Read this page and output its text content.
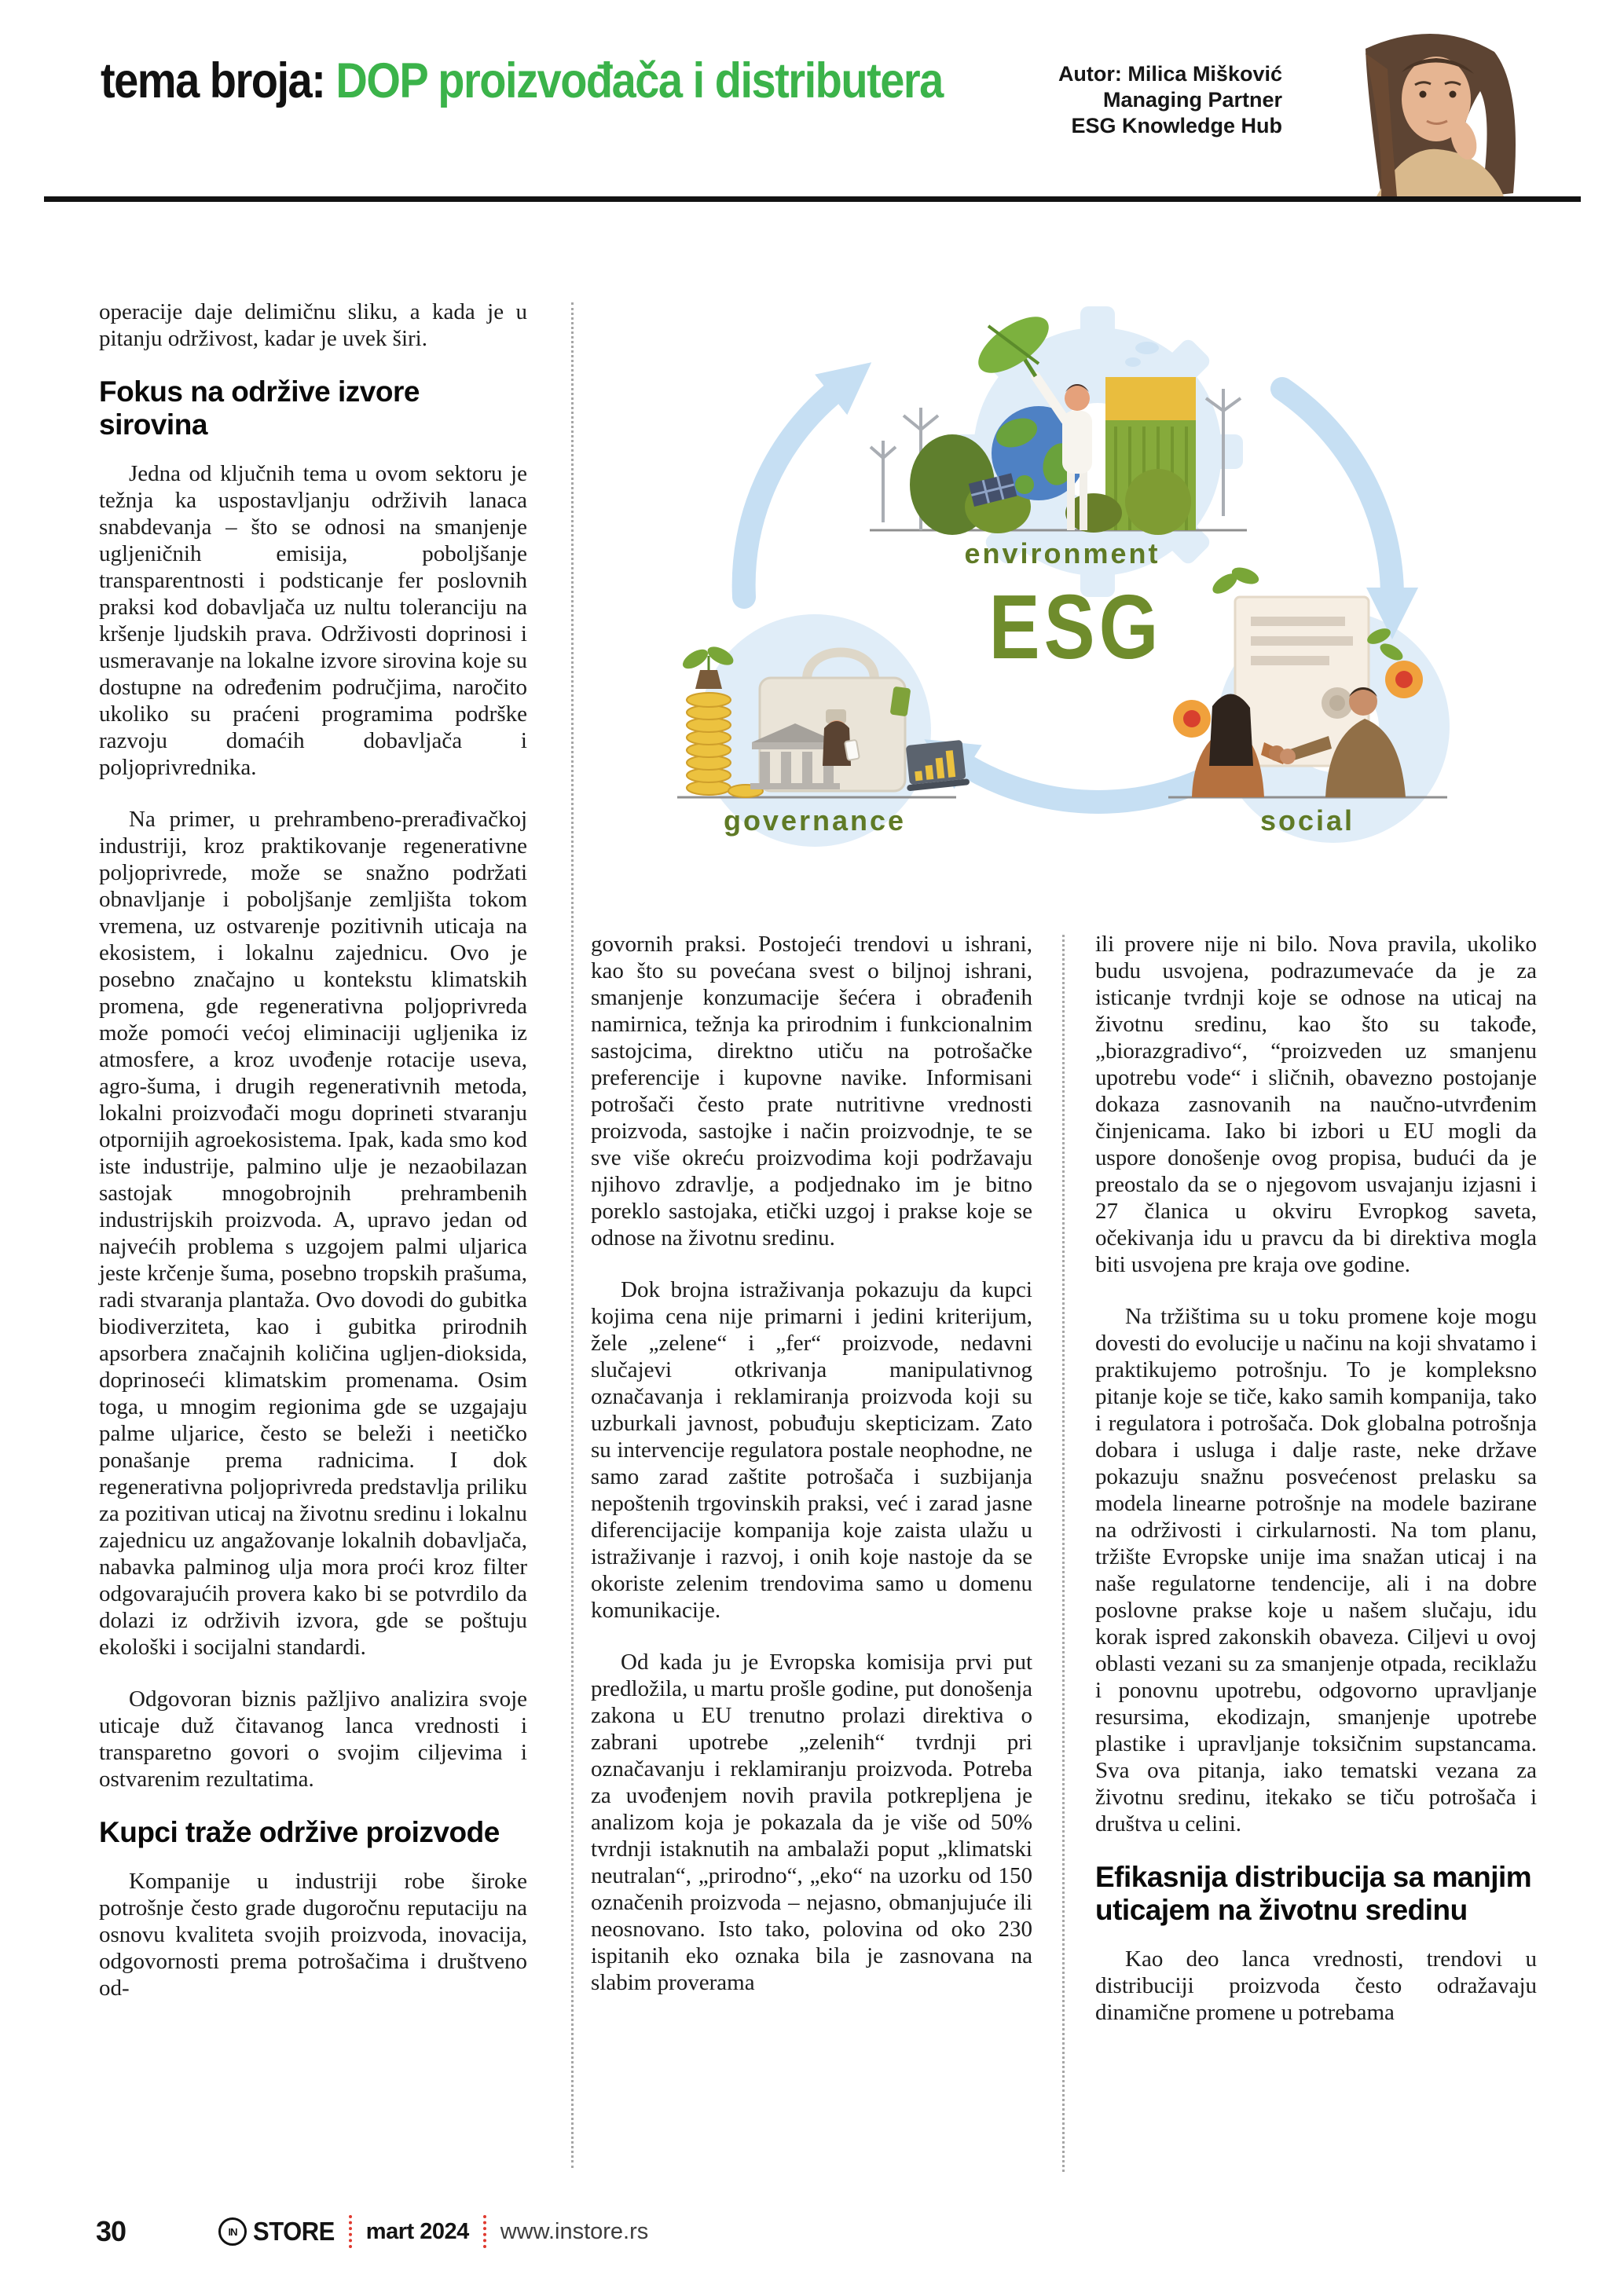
tema broja: DOP proizvođača i distributera	Autor: Milica Mišković
Managing Partner
ESG Knowledge Hub
ESG
environment
governance	social

operacije daje delimičnu sliku, a kada je u pitanju održivost, kadar je uvek širi.

Fokus na održive izvore sirovina

Jedna od ključnih tema u ovom sektoru je težnja ka uspostavljanju održivih lanaca snabdevanja – što se odnosi na smanjenje ugljeničnih emisija, poboljšanje transparentnosti i podsticanje fer poslovnih praksi kod dobavljača uz nultu toleranciju na kršenje ljudskih prava. Održivosti doprinosi i usmeravanje na lokalne izvore sirovina koje su dostupne na određenim područjima, naročito ukoliko su praćeni programima podrške razvoju domaćih dobavljača i poljoprivrednika.

Na primer, u prehrambeno-prerađivačkoj industriji, kroz praktikovanje regenerativne poljoprivrede, može se snažno podržati obnavljanje i poboljšanje zemljišta tokom vremena, uz ostvarenje pozitivnih uticaja na ekosistem, i lokalnu zajednicu. Ovo je posebno značajno u kontekstu klimatskih promena, gde regenerativna poljoprivreda može pomoći većoj eliminaciji ugljenika iz atmosfere, a kroz uvođenje rotacije useva, agro-šuma, i drugih regenerativnih metoda, lokalni proizvođači mogu doprineti stvaranju otpornijih agroekosistema. Ipak, kada smo kod iste industrije, palmino ulje je nezaobilazan sastojak mnogobrojnih prehrambenih industrijskih proizvoda. A, upravo jedan od najvećih problema s uzgojem palmi uljarica jeste krčenje šuma, posebno tropskih prašuma, radi stvaranja plantaža. Ovo dovodi do gubitka biodiverziteta, kao i gubitka prirodnih apsorbera značajnih količina ugljen-dioksida, doprinoseći klimatskim promenama. Osim toga, u mnogim regionima gde se uzgajaju palme uljarice, često se beleži i neetičko ponašanje prema radnicima. I dok regenerativna poljoprivreda predstavlja priliku za pozitivan uticaj na životnu sredinu i lokalnu zajednicu uz angažovanje lokalnih dobavljača, nabavka palminog ulja mora proći kroz filter odgovarajućih provera kako bi se potvrdilo da dolazi iz održivih izvora, gde se poštuju ekološki i socijalni standardi.

Odgovoran biznis pažljivo analizira svoje uticaje duž čitavanog lanca vrednosti i transparetno govori o svojim ciljevima i ostvarenim rezultatima.

Kupci traže održive proizvode

Kompanije u industriji robe široke potrošnje često grade dugoročnu reputaciju na osnovu kvaliteta svojih proizvoda, inovacija, odgovornosti prema potrošačima i društveno od-

govornih praksi. Postojeći trendovi u ishrani, kao što su povećana svest o biljnoj ishrani, smanjenje konzumacije šećera i obrađenih namirnica, težnja ka prirodnim i funkcionalnim sastojcima, direktno utiču na potrošačke preferencije i kupovne navike. Informisani potrošači često prate nutritivne vrednosti proizvoda, sastojke i način proizvodnje, te se sve više okreću proizvodima koji podržavaju njihovo zdravlje, a podjednako im je bitno poreklo sastojaka, etički uzgoj i prakse koje se odnose na životnu sredinu.

Dok brojna istraživanja pokazuju da kupci kojima cena nije primarni i jedini kriterijum, žele „zelene“ i „fer“ proizvode, nedavni slučajevi otkrivanja manipulativnog označavanja i reklamiranja proizvoda koji su uzburkali javnost, pobuđuju skepticizam. Zato su intervencije regulatora postale neophodne, ne samo zarad zaštite potrošača i suzbijanja nepoštenih trgovinskih praksi, već i zarad jasne diferencijacije kompanija koje zaista ulažu u istraživanje i razvoj, i onih koje nastoje da se okoriste zelenim trendovima samo u domenu komunikacije.

Od kada ju je Evropska komisija prvi put predložila, u martu prošle godine, put donošenja zakona u EU trenutno prolazi direktiva o zabrani upotrebe „zelenih“ tvrdnji pri označavanju i reklamiranju proizvoda. Potreba za uvođenjem novih pravila potkrepljena je analizom koja je pokazala da je više od 50% tvrdnji istaknutih na ambalaži poput „klimatski neutralan“, „prirodno“, „eko“ na uzorku od 150 označenih proizvoda – nejasno, obmanjujuće ili neosnovano. Isto tako, polovina od oko 230 ispitanih eko oznaka bila je zasnovana na slabim proverama

ili provere nije ni bilo. Nova pravila, ukoliko budu usvojena, podrazumevaće da je za isticanje tvrdnji koje se odnose na uticaj na životnu sredinu, kao što su takođe, „biorazgradivo“, “proizveden uz smanjenu upotrebu vode“ i sličnih, obavezno postojanje dokaza zasnovanih na naučno-utvrđenim činjenicama. Iako bi izbori u EU mogli da uspore donošenje ovog propisa, budući da je preostalo da se o njegovom usvajanju izjasni i 27 članica u okviru Evropkog saveta, očekivanja idu u pravcu da bi direktiva mogla biti usvojena pre kraja ove godine.

Na tržištima su u toku promene koje mogu dovesti do evolucije u načinu na koji shvatamo i praktikujemo potrošnju. To je kompleksno pitanje koje se tiče, kako samih kompanija, tako i regulatora i potrošača. Dok globalna potrošnja dobara i usluga i dalje raste, neke države pokazuju snažnu posvećenost prelasku sa modela linearne potrošnje na modele bazirane na održivosti i cirkularnosti. Na tom planu, tržište Evropske unije ima snažan uticaj i na naše regulatorne tendencije, ali i na dobre poslovne prakse koje u našem slučaju, idu korak ispred zakonskih obaveza. Ciljevi u ovoj oblasti vezani su za smanjenje otpada, reciklažu i ponovnu upotrebu, odgovorno upravljanje resursima, ekodizajn, smanjenje upotrebe plastike i upravljanje toksičnim supstancama. Sva ova pitanja, iako tematski vezana za životnu sredinu, itekako se tiču potrošača i društva u celini.

Efikasnija distribucija sa manjim uticajem na životnu sredinu

Kao deo lanca vrednosti, trendovi u distribuciji proizvoda često odražavaju dinamične promene u potrebama

30	IN STORE mart 2024 www.instore.rs
